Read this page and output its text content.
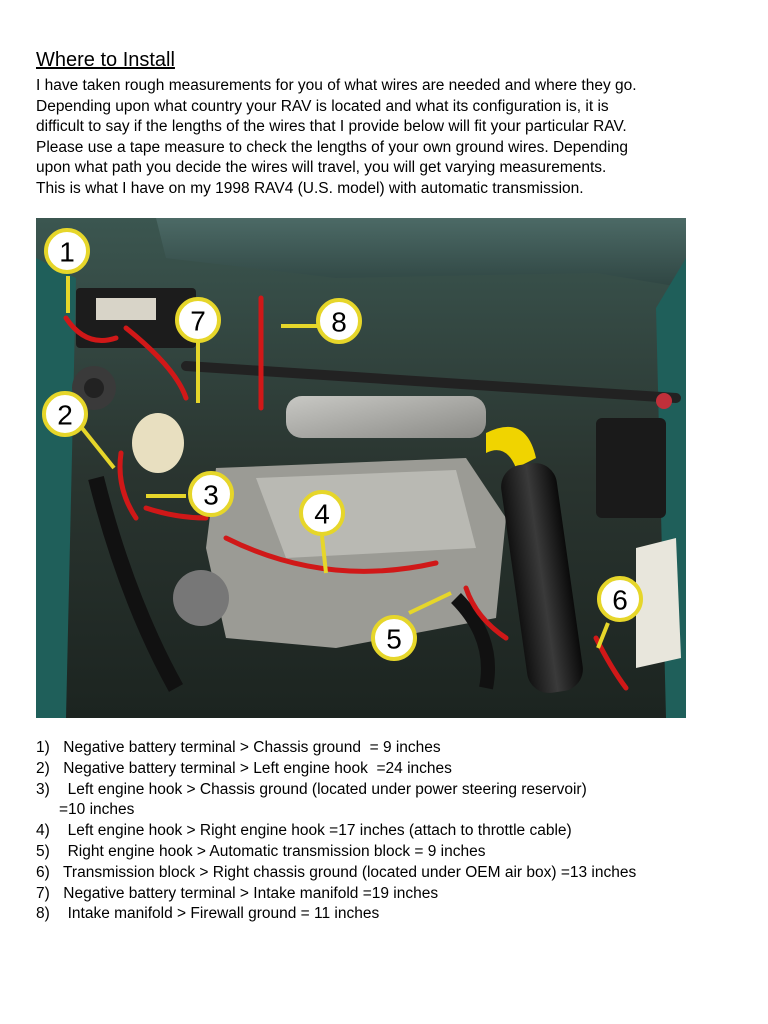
Where to Install

I have taken rough measurements for you of what wires are needed and where they go.

Depending upon what country your RAV is located and what its configuration is, it is

difficult to say if the lengths of the wires that I provide below will fit your particular RAV.

Please use a tape measure to check the lengths of your own ground wires. Depending

upon what path you decide the wires will travel, you will get varying measurements.

This is what I have on my 1998 RAV4 (U.S. model) with automatic transmission.

1
2
3
4
5
6
7	8
1) Negative battery terminal > Chassis ground  = 9 inches
2) Negative battery terminal > Left engine hook  =24 inches
3) Left engine hook > Chassis ground (located under power steering reservoir)
=10 inches
4) Left engine hook > Right engine hook =17 inches (attach to throttle cable)
5) Right engine hook > Automatic transmission block = 9 inches
6) Transmission block > Right chassis ground (located under OEM air box) =13 inches
7) Negative battery terminal > Intake manifold =19 inches
8) Intake manifold > Firewall ground = 11 inches
